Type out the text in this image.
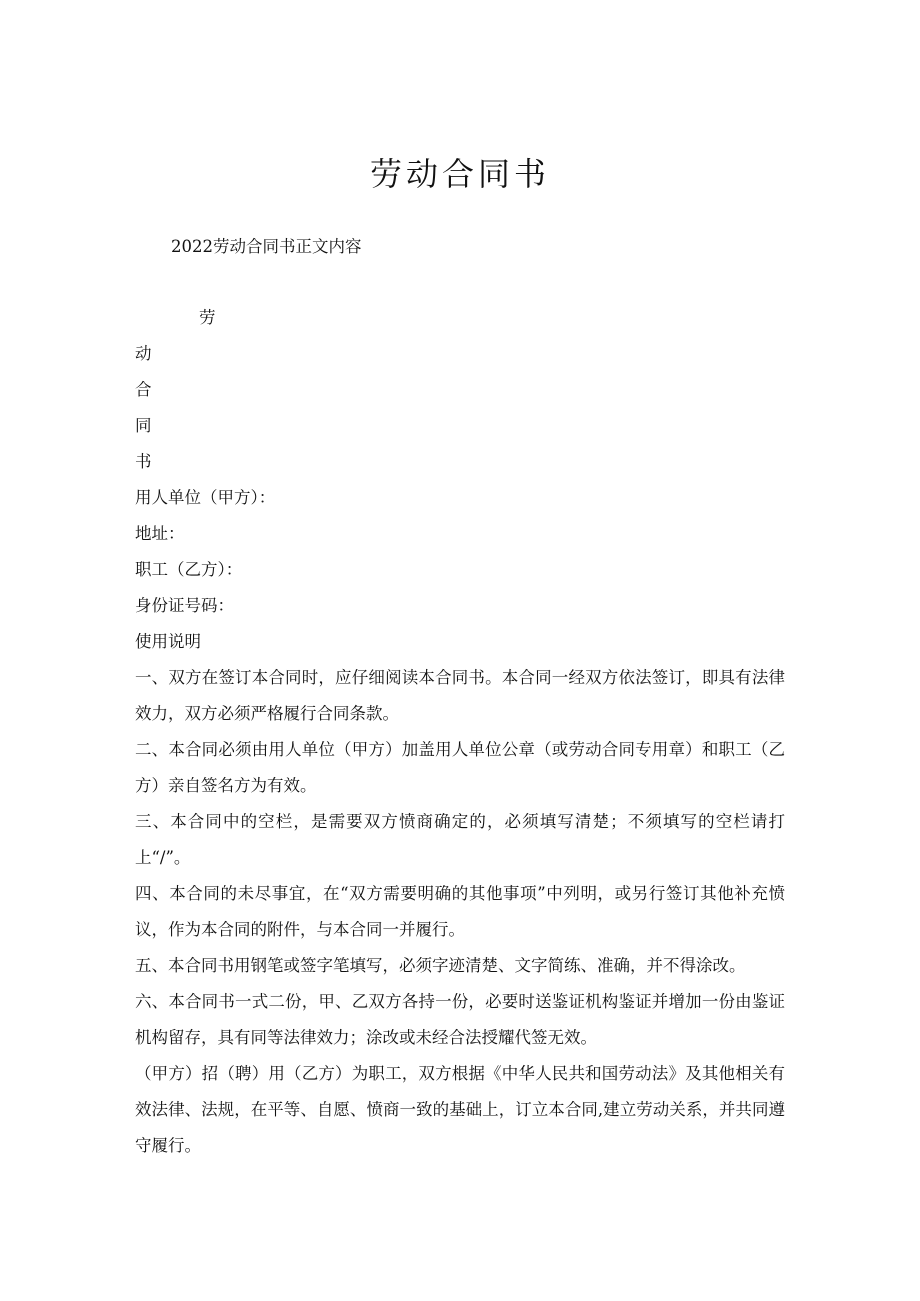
劳动合同书
2022劳动合同书正文内容
劳
动
合
同
书
用人单位（甲方）：
地址：
职工（乙方）：
身份证号码：
使用说明
一、双方在签订本合同时，应仔细阅读本合同书。本合同一经双方依法签订，即具有法律效力，双方必须严格履行合同条款。
二、本合同必须由用人单位（甲方）加盖用人单位公章（或劳动合同专用章）和职工（乙方）亲自签名方为有效。
三、本合同中的空栏，是需要双方愤商确定的，必须填写清楚；不须填写的空栏请打上“/”。
四、本合同的未尽事宜，在“双方需要明确的其他事项”中列明，或另行签订其他补充愤议，作为本合同的附件，与本合同一并履行。
五、本合同书用钢笔或签字笔填写，必须字迹清楚、文字简练、准确，并不得涂改。
六、本合同书一式二份，甲、乙双方各持一份，必要时送鉴证机构鉴证并增加一份由鉴证机构留存，具有同等法律效力；涂改或未经合法授耀代签无效。
（甲方）招（聘）用（乙方）为职工，双方根据《中华人民共和国劳动法》及其他相关有效法律、法规，在平等、自愿、愤商一致的基础上，订立本合同,建立劳动关系，并共同遵守履行。
